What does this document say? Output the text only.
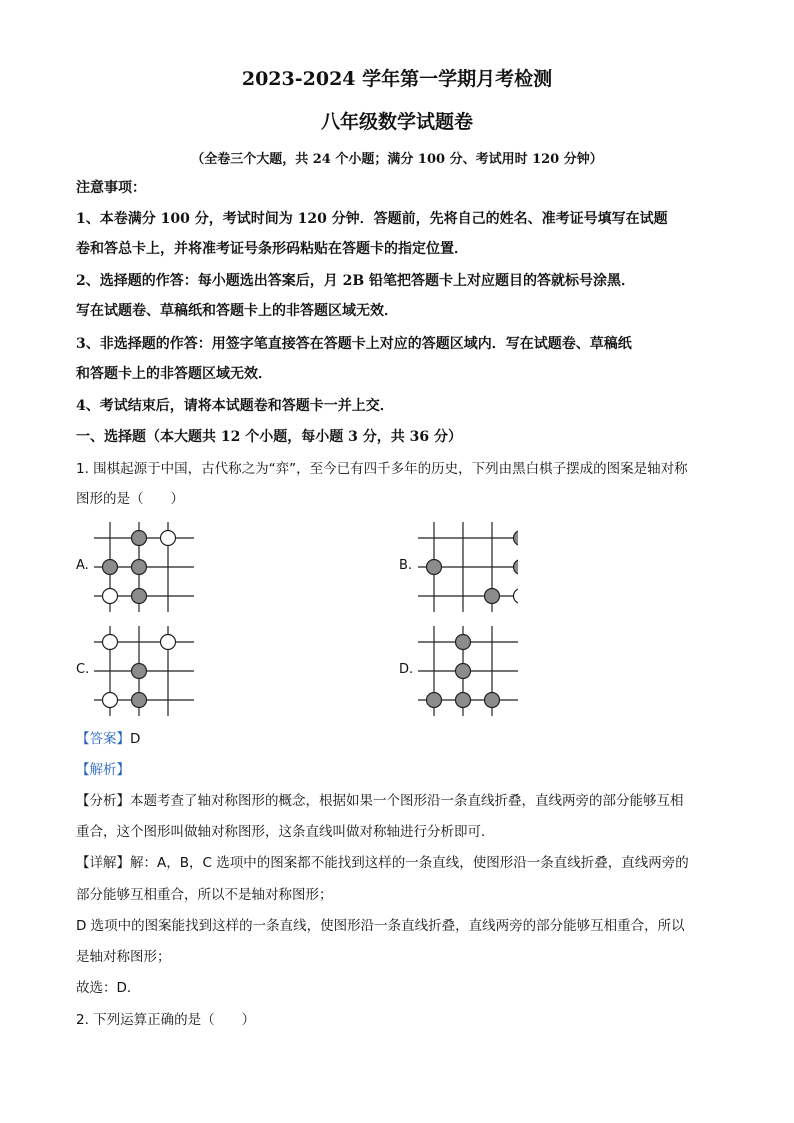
2023-2024 学年第一学期月考检测
八年级数学试题卷
（全卷三个大题，共 24 个小题；满分 100 分、考试用时 120 分钟）
注意事项：
1、本卷满分 100 分，考试时间为 120 分钟．答题前，先将自己的姓名、准考证号填写在试题
卷和答总卡上，并将准考证号条形码粘贴在答题卡的指定位置．
2、选择题的作答：每小题选出答案后，月 2B 铅笔把答题卡上对应题目的答就标号涂黑．
写在试题卷、草稿纸和答题卡上的非答题区域无效．
3、非选择题的作答：用签字笔直接答在答题卡上对应的答题区域内．写在试题卷、草稿纸
和答题卡上的非答题区域无效．
4、考试结束后，请将本试题卷和答题卡一并上交．
一、选择题（本大题共 12 个小题，每小题 3 分，共 36 分）
1. 围棋起源于中国，古代称之为“弈”，至今已有四千多年的历史，下列由黑白棋子摆成的图案是轴对称
图形的是（　　）
A.	B.
C.	D.
【答案】D
【解析】
【分析】本题考查了轴对称图形的概念，根据如果一个图形沿一条直线折叠，直线两旁的部分能够互相
重合，这个图形叫做轴对称图形，这条直线叫做对称轴进行分析即可．
【详解】解：A，B，C 选项中的图案都不能找到这样的一条直线，使图形沿一条直线折叠，直线两旁的
部分能够互相重合，所以不是轴对称图形；
D 选项中的图案能找到这样的一条直线，使图形沿一条直线折叠，直线两旁的部分能够互相重合，所以
是轴对称图形；
故选：D．
2. 下列运算正确的是（　　）
